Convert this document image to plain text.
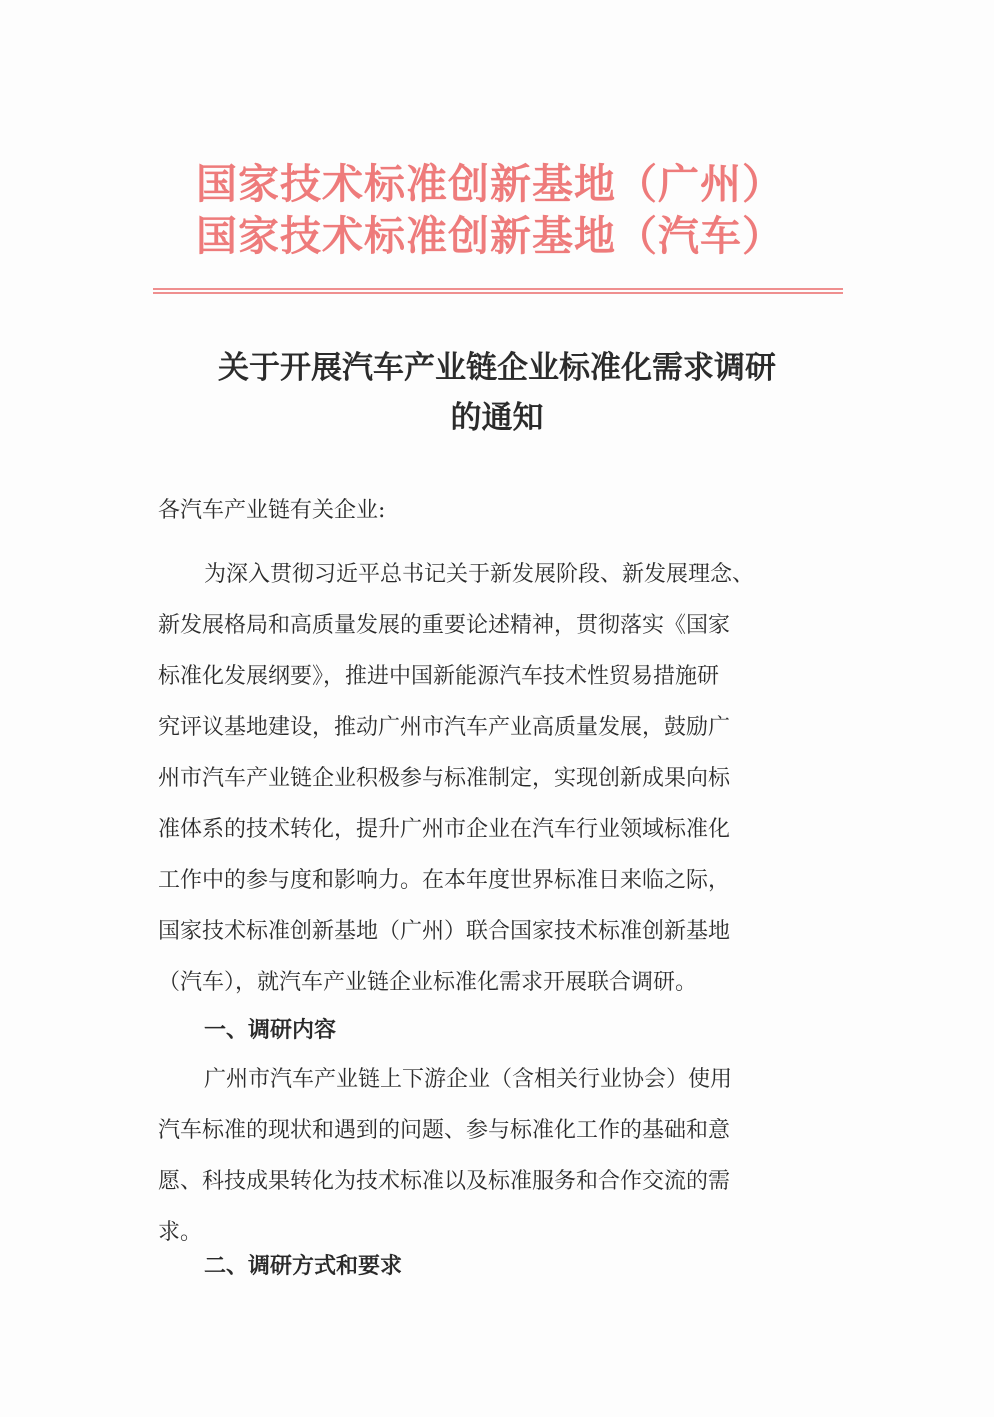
国家技术标准创新基地（广州）
国家技术标准创新基地（汽车）
关于开展汽车产业链企业标准化需求调研
的通知
各汽车产业链有关企业:
为深入贯彻习近平总书记关于新发展阶段、新发展理念、
新发展格局和高质量发展的重要论述精神，贯彻落实《国家
标准化发展纲要》，推进中国新能源汽车技术性贸易措施研
究评议基地建设，推动广州市汽车产业高质量发展，鼓励广
州市汽车产业链企业积极参与标准制定，实现创新成果向标
准体系的技术转化，提升广州市企业在汽车行业领域标准化
工作中的参与度和影响力。在本年度世界标准日来临之际，
国家技术标准创新基地（广州）联合国家技术标准创新基地
（汽车），就汽车产业链企业标准化需求开展联合调研。
一、调研内容
广州市汽车产业链上下游企业（含相关行业协会）使用
汽车标准的现状和遇到的问题、参与标准化工作的基础和意
愿、科技成果转化为技术标准以及标准服务和合作交流的需
求。
二、调研方式和要求
